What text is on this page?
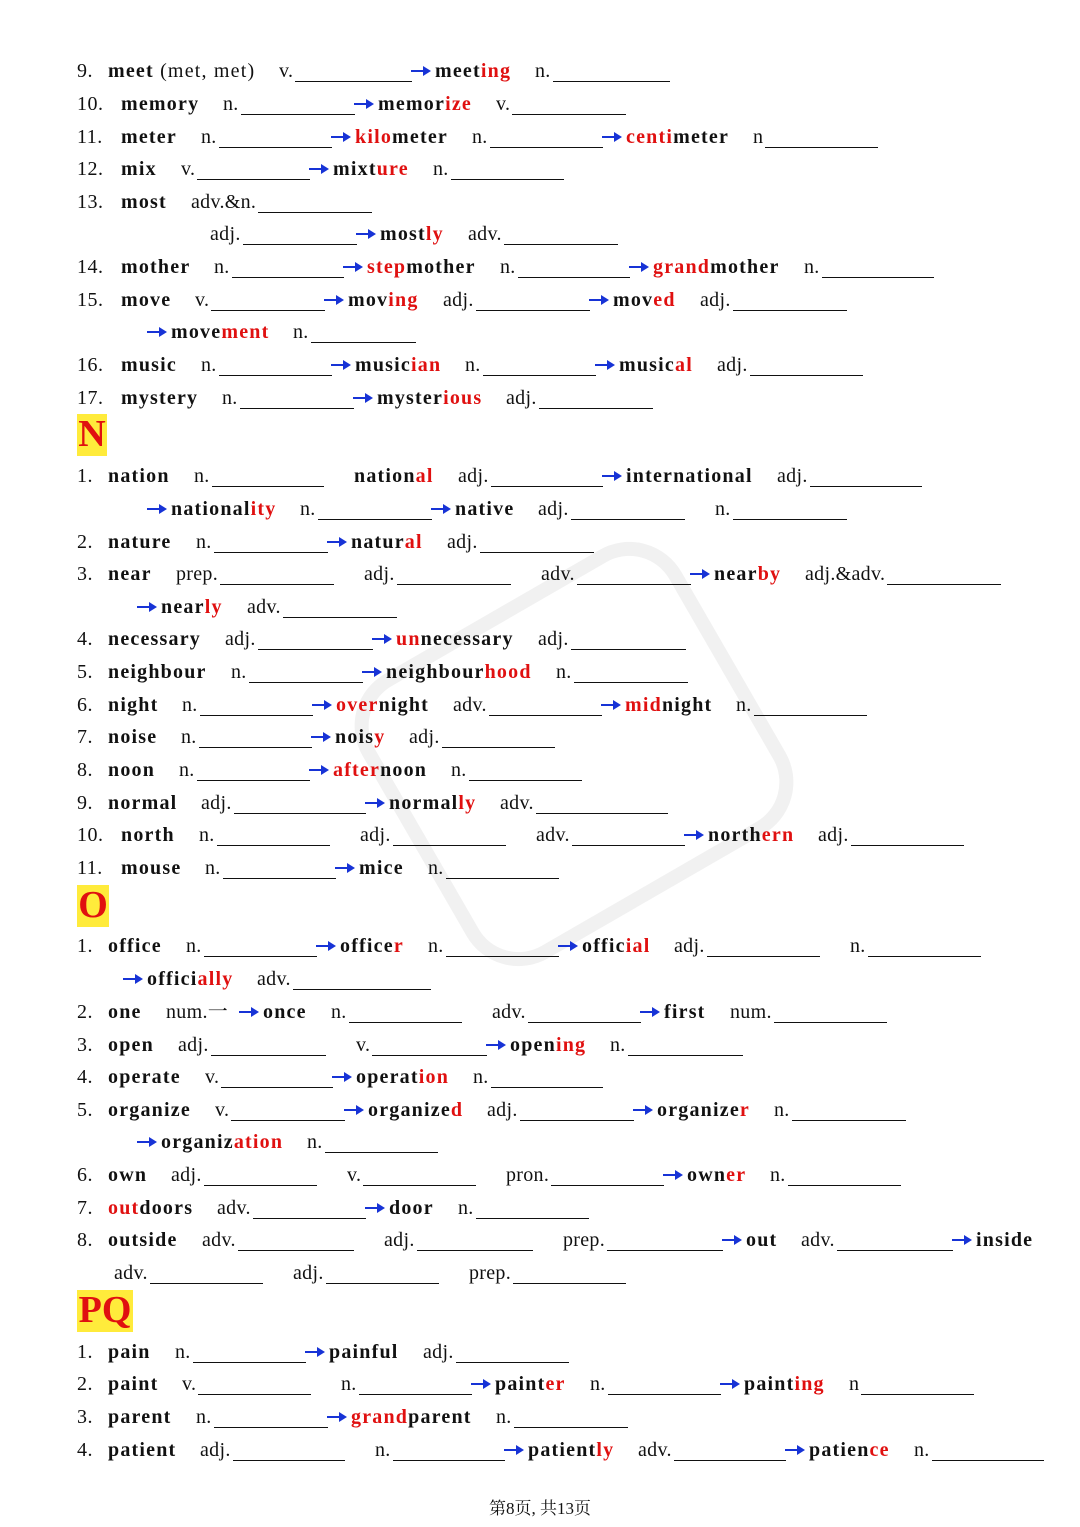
9. meet (met, met) v.	meeting n.
10. memory n.	memorize v.
11. meter n.	kilometer n.	centimeter n
12. mix v.	mixture n.
13. most adv.&n.
adj.	mostly adv.
14. mother n.	stepmother n.	grandmother n.
15. move v.	moving adj.	moved adj.
movement n.
16. music n.	musician n.	musical adj.
17. mystery n.	mysterious adj.
1. nation n.	national adj.	international adj.
nationality n.	native adj.	n.
2. nature n.	natural adj.
3. near prep.	adj.	adv.	nearby adj.&adv.
nearly adv.
4. necessary adj.	unnecessary adj.
5. neighbour n.	neighbourhood n.
6. night n.	overnight adv.	midnight n.
7. noise n.	noisy adj.
8. noon n.	afternoon n.
9. normal adj.	normally adv.
10. north n.	adj.	adv.	northern adj.
11. mouse n.	mice n.
1. office n.	officer n.	official adj.	n.
officially adv.
2. one num.一 once n.	adv.	first num.
3. open adj.	v.	opening n.
4. operate v.	operation n.
5. organize v.	organized adj.	organizer n.
organization n.
6. own adj.	v.	pron.	owner n.
7. outdoors adv.	door n.
8. outside adv.	adj.	prep.	out adv.	inside
adv.	adj.	prep.
1. pain n.	painful adj.
2. paint v.	n.	painter n.	painting n
3. parent n.	grandparent n.
4. patient adj.	n.	patiently adv.	patience n.
N
O
PQ
第8页, 共13页
